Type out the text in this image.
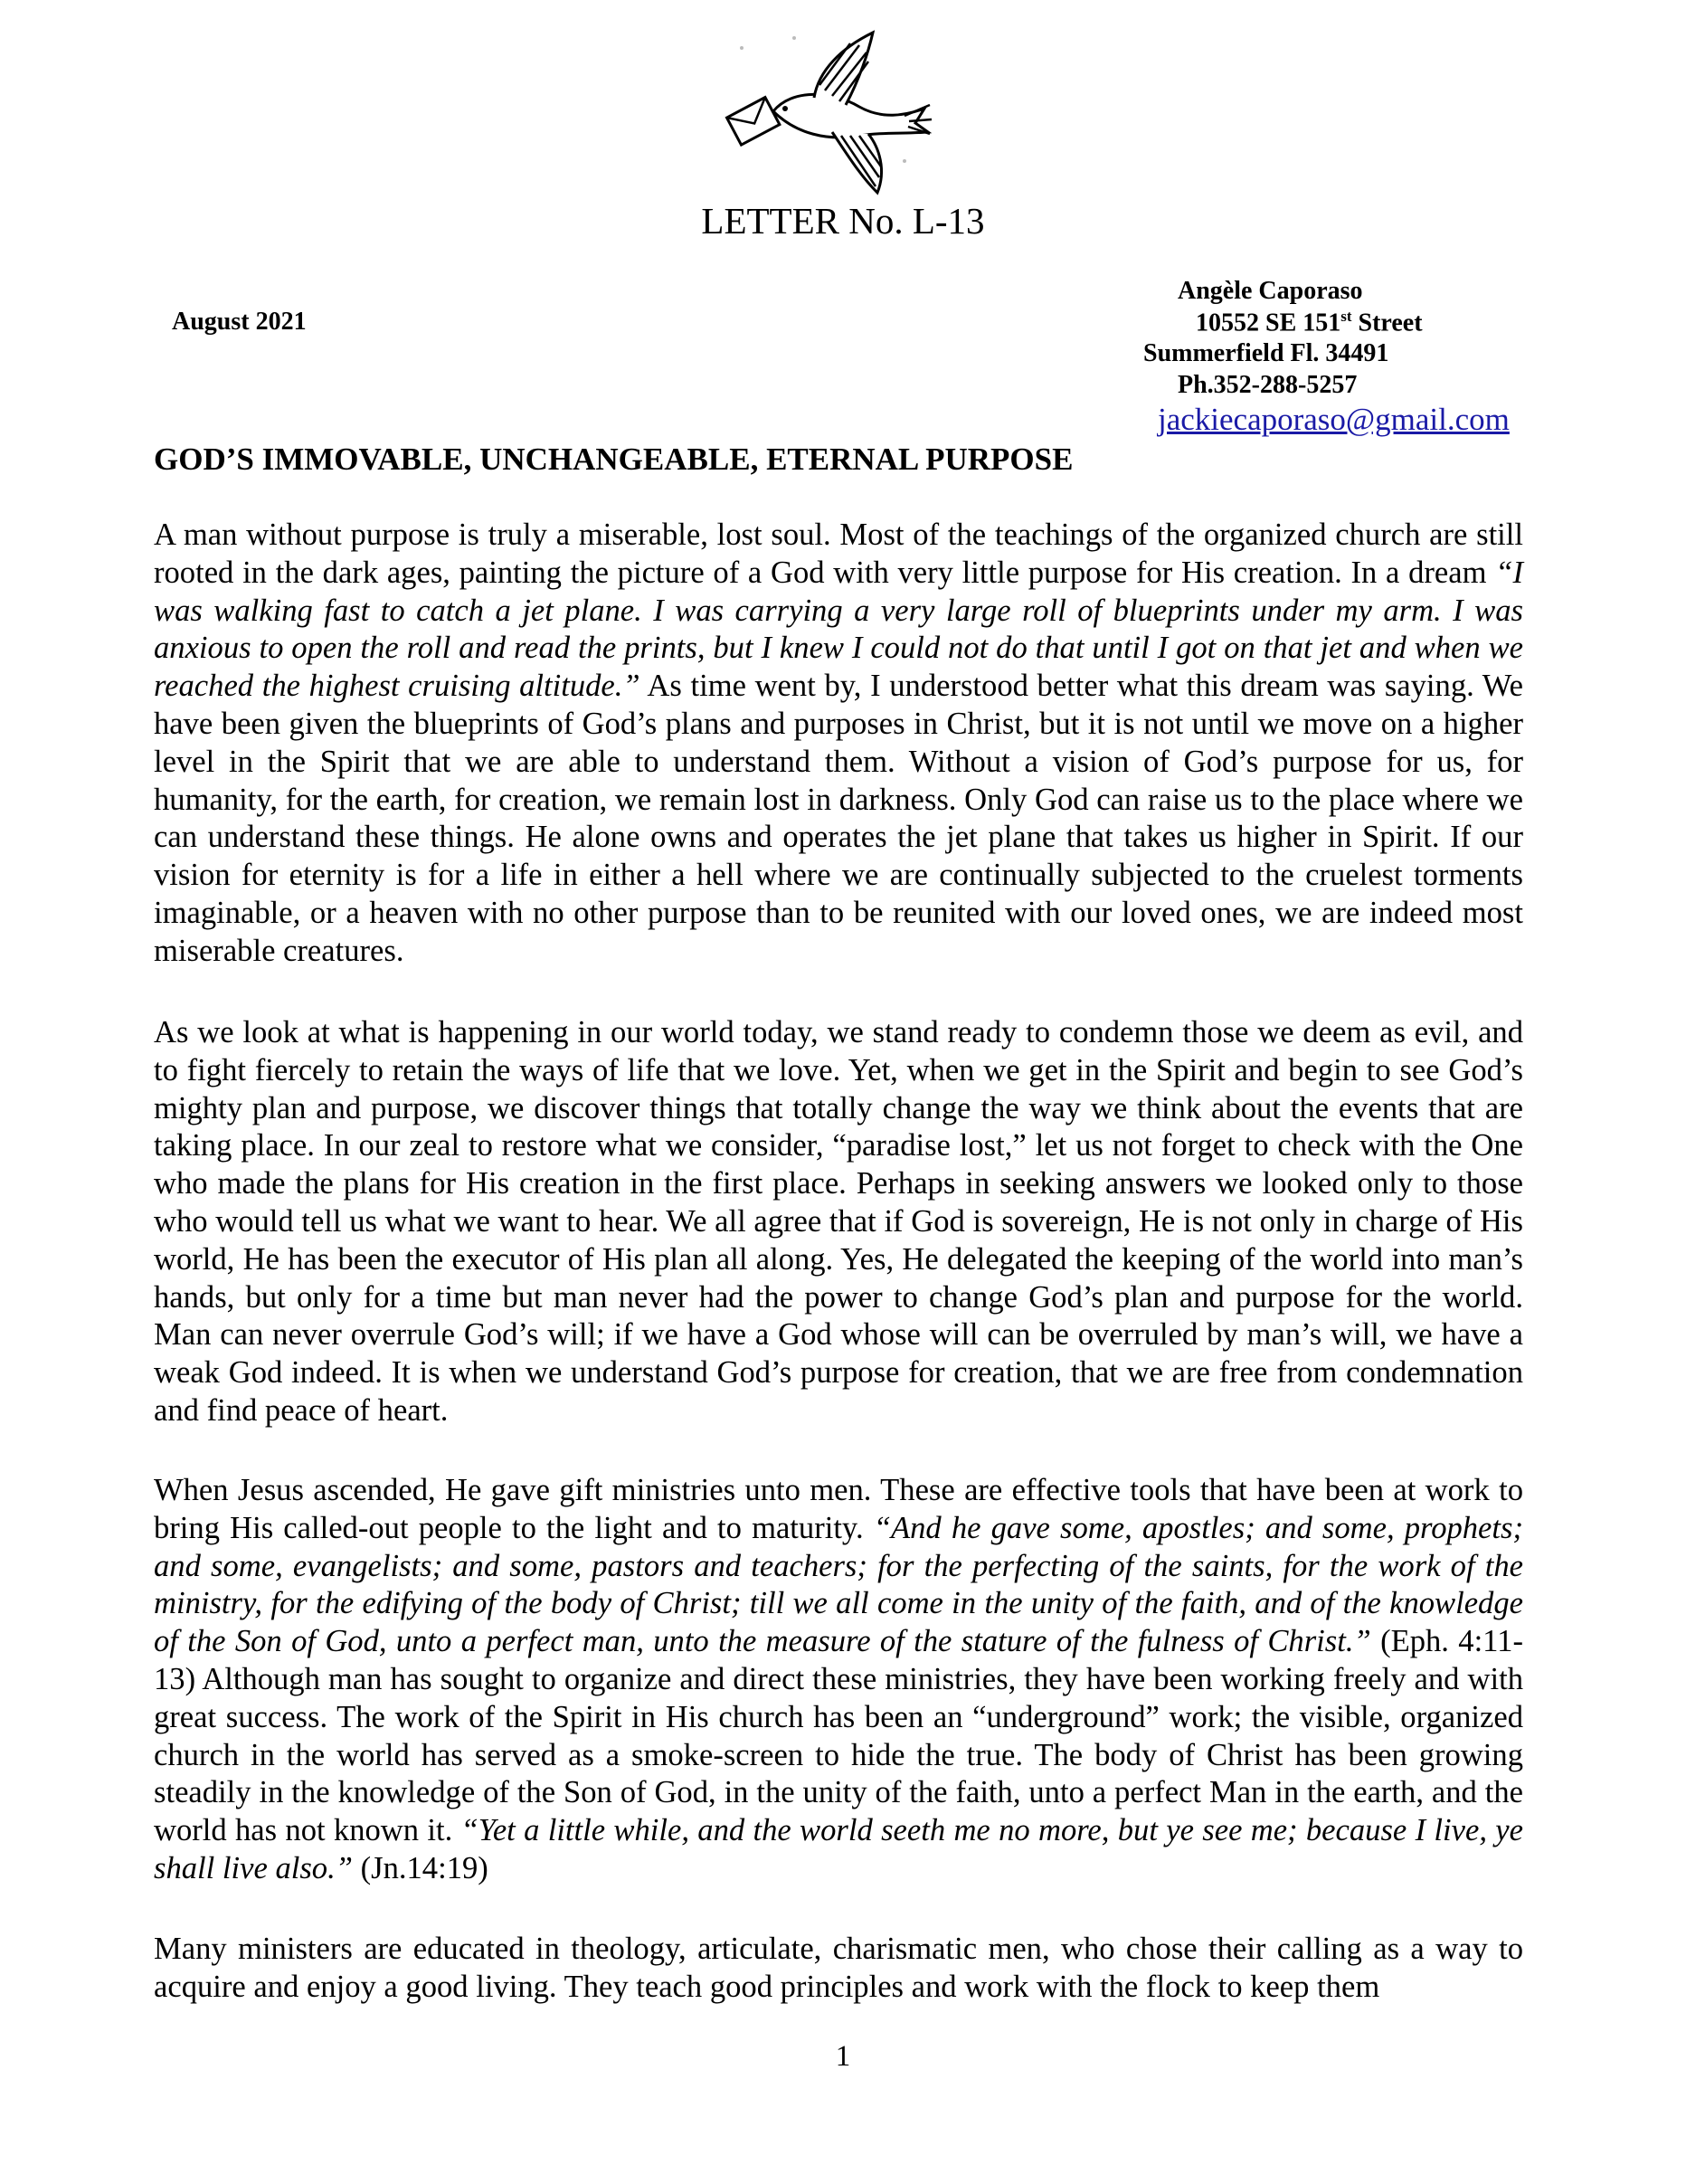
LETTER No. L-13
August 2021
Angèle Caporaso
10552 SE 151st Street
Summerfield Fl. 34491
Ph.352-288-5257
jackiecaporaso@gmail.com
GOD’S IMMOVABLE, UNCHANGEABLE, ETERNAL PURPOSE

A man without purpose is truly a miserable, lost soul. Most of the teachings of the organized church are still rooted in the dark ages, painting the picture of a God with very little purpose for His creation. In a dream “I was walking fast to catch a jet plane. I was carrying a very large roll of blueprints under my arm. I was anxious to open the roll and read the prints, but I knew I could not do that until I got on that jet and when we reached the highest cruising altitude.” As time went by, I understood better what this dream was saying. We have been given the blueprints of God’s plans and purposes in Christ, but it is not until we move on a higher level in the Spirit that we are able to understand them. Without a vision of God’s purpose for us, for humanity, for the earth, for creation, we remain lost in darkness. Only God can raise us to the place where we can understand these things. He alone owns and operates the jet plane that takes us higher in Spirit. If our vision for eternity is for a life in either a hell where we are continually subjected to the cruelest torments imaginable, or a heaven with no other purpose than to be reunited with our loved ones, we are indeed most miserable creatures.

As we look at what is happening in our world today, we stand ready to condemn those we deem as evil, and to fight fiercely to retain the ways of life that we love. Yet, when we get in the Spirit and begin to see God’s mighty plan and purpose, we discover things that totally change the way we think about the events that are taking place. In our zeal to restore what we consider, “paradise lost,” let us not forget to check with the One who made the plans for His creation in the first place. Perhaps in seeking answers we looked only to those who would tell us what we want to hear. We all agree that if God is sovereign, He is not only in charge of His world, He has been the executor of His plan all along. Yes, He delegated the keeping of the world into man’s hands, but only for a time but man never had the power to change God’s plan and purpose for the world. Man can never overrule God’s will; if we have a God whose will can be overruled by man’s will, we have a weak God indeed. It is when we understand God’s purpose for creation, that we are free from condemnation and find peace of heart.

When Jesus ascended, He gave gift ministries unto men. These are effective tools that have been at work to bring His called-out people to the light and to maturity. “And he gave some, apostles; and some, prophets; and some, evangelists; and some, pastors and teachers; for the perfecting of the saints, for the work of the ministry, for the edifying of the body of Christ; till we all come in the unity of the faith, and of the knowledge of the Son of God, unto a perfect man, unto the measure of the stature of the fulness of Christ.” (Eph. 4:11-13) Although man has sought to organize and direct these ministries, they have been working freely and with great success. The work of the Spirit in His church has been an “underground” work; the visible, organized church in the world has served as a smoke-screen to hide the true. The body of Christ has been growing steadily in the knowledge of the Son of God, in the unity of the faith, unto a perfect Man in the earth, and the world has not known it. “Yet a little while, and the world seeth me no more, but ye see me; because I live, ye shall live also.” (Jn.14:19)

Many ministers are educated in theology, articulate, charismatic men, who chose their calling as a way to acquire and enjoy a good living. They teach good principles and work with the flock to keep them

1
